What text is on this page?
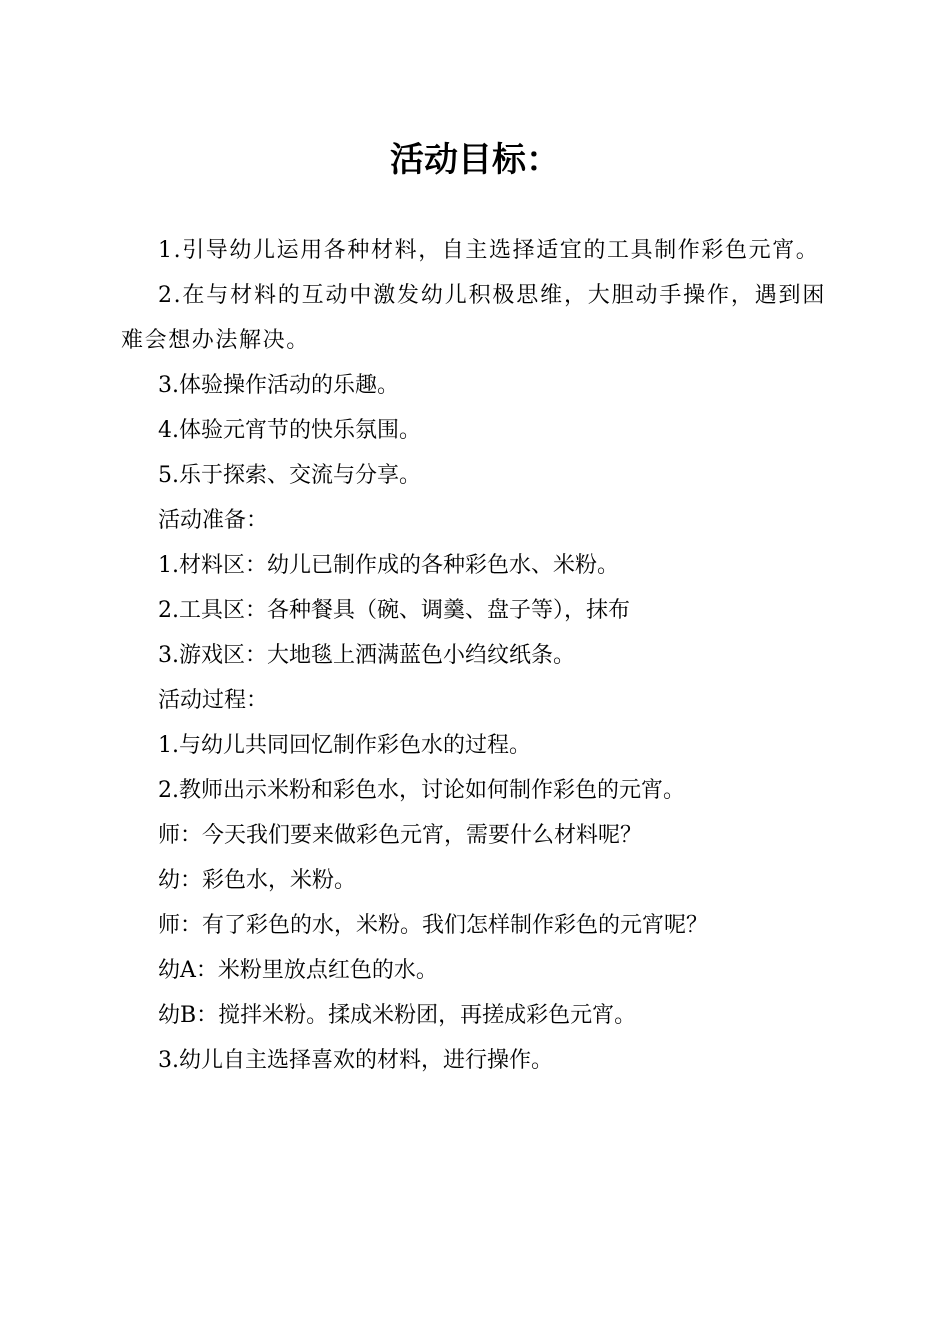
活动目标：

1.引导幼儿运用各种材料，自主选择适宜的工具制作彩色元宵。

2.在与材料的互动中激发幼儿积极思维，大胆动手操作，遇到困难会想办法解决。

3.体验操作活动的乐趣。

4.体验元宵节的快乐氛围。

5.乐于探索、交流与分享。

活动准备：

1.材料区：幼儿已制作成的各种彩色水、米粉。

2.工具区：各种餐具（碗、调羹、盘子等），抹布

3.游戏区：大地毯上洒满蓝色小绉纹纸条。

活动过程：

1.与幼儿共同回忆制作彩色水的过程。

2.教师出示米粉和彩色水，讨论如何制作彩色的元宵。

师：今天我们要来做彩色元宵，需要什么材料呢？

幼：彩色水，米粉。

师：有了彩色的水，米粉。我们怎样制作彩色的元宵呢？

幼A：米粉里放点红色的水。

幼B：搅拌米粉。揉成米粉团，再搓成彩色元宵。

3.幼儿自主选择喜欢的材料，进行操作。
